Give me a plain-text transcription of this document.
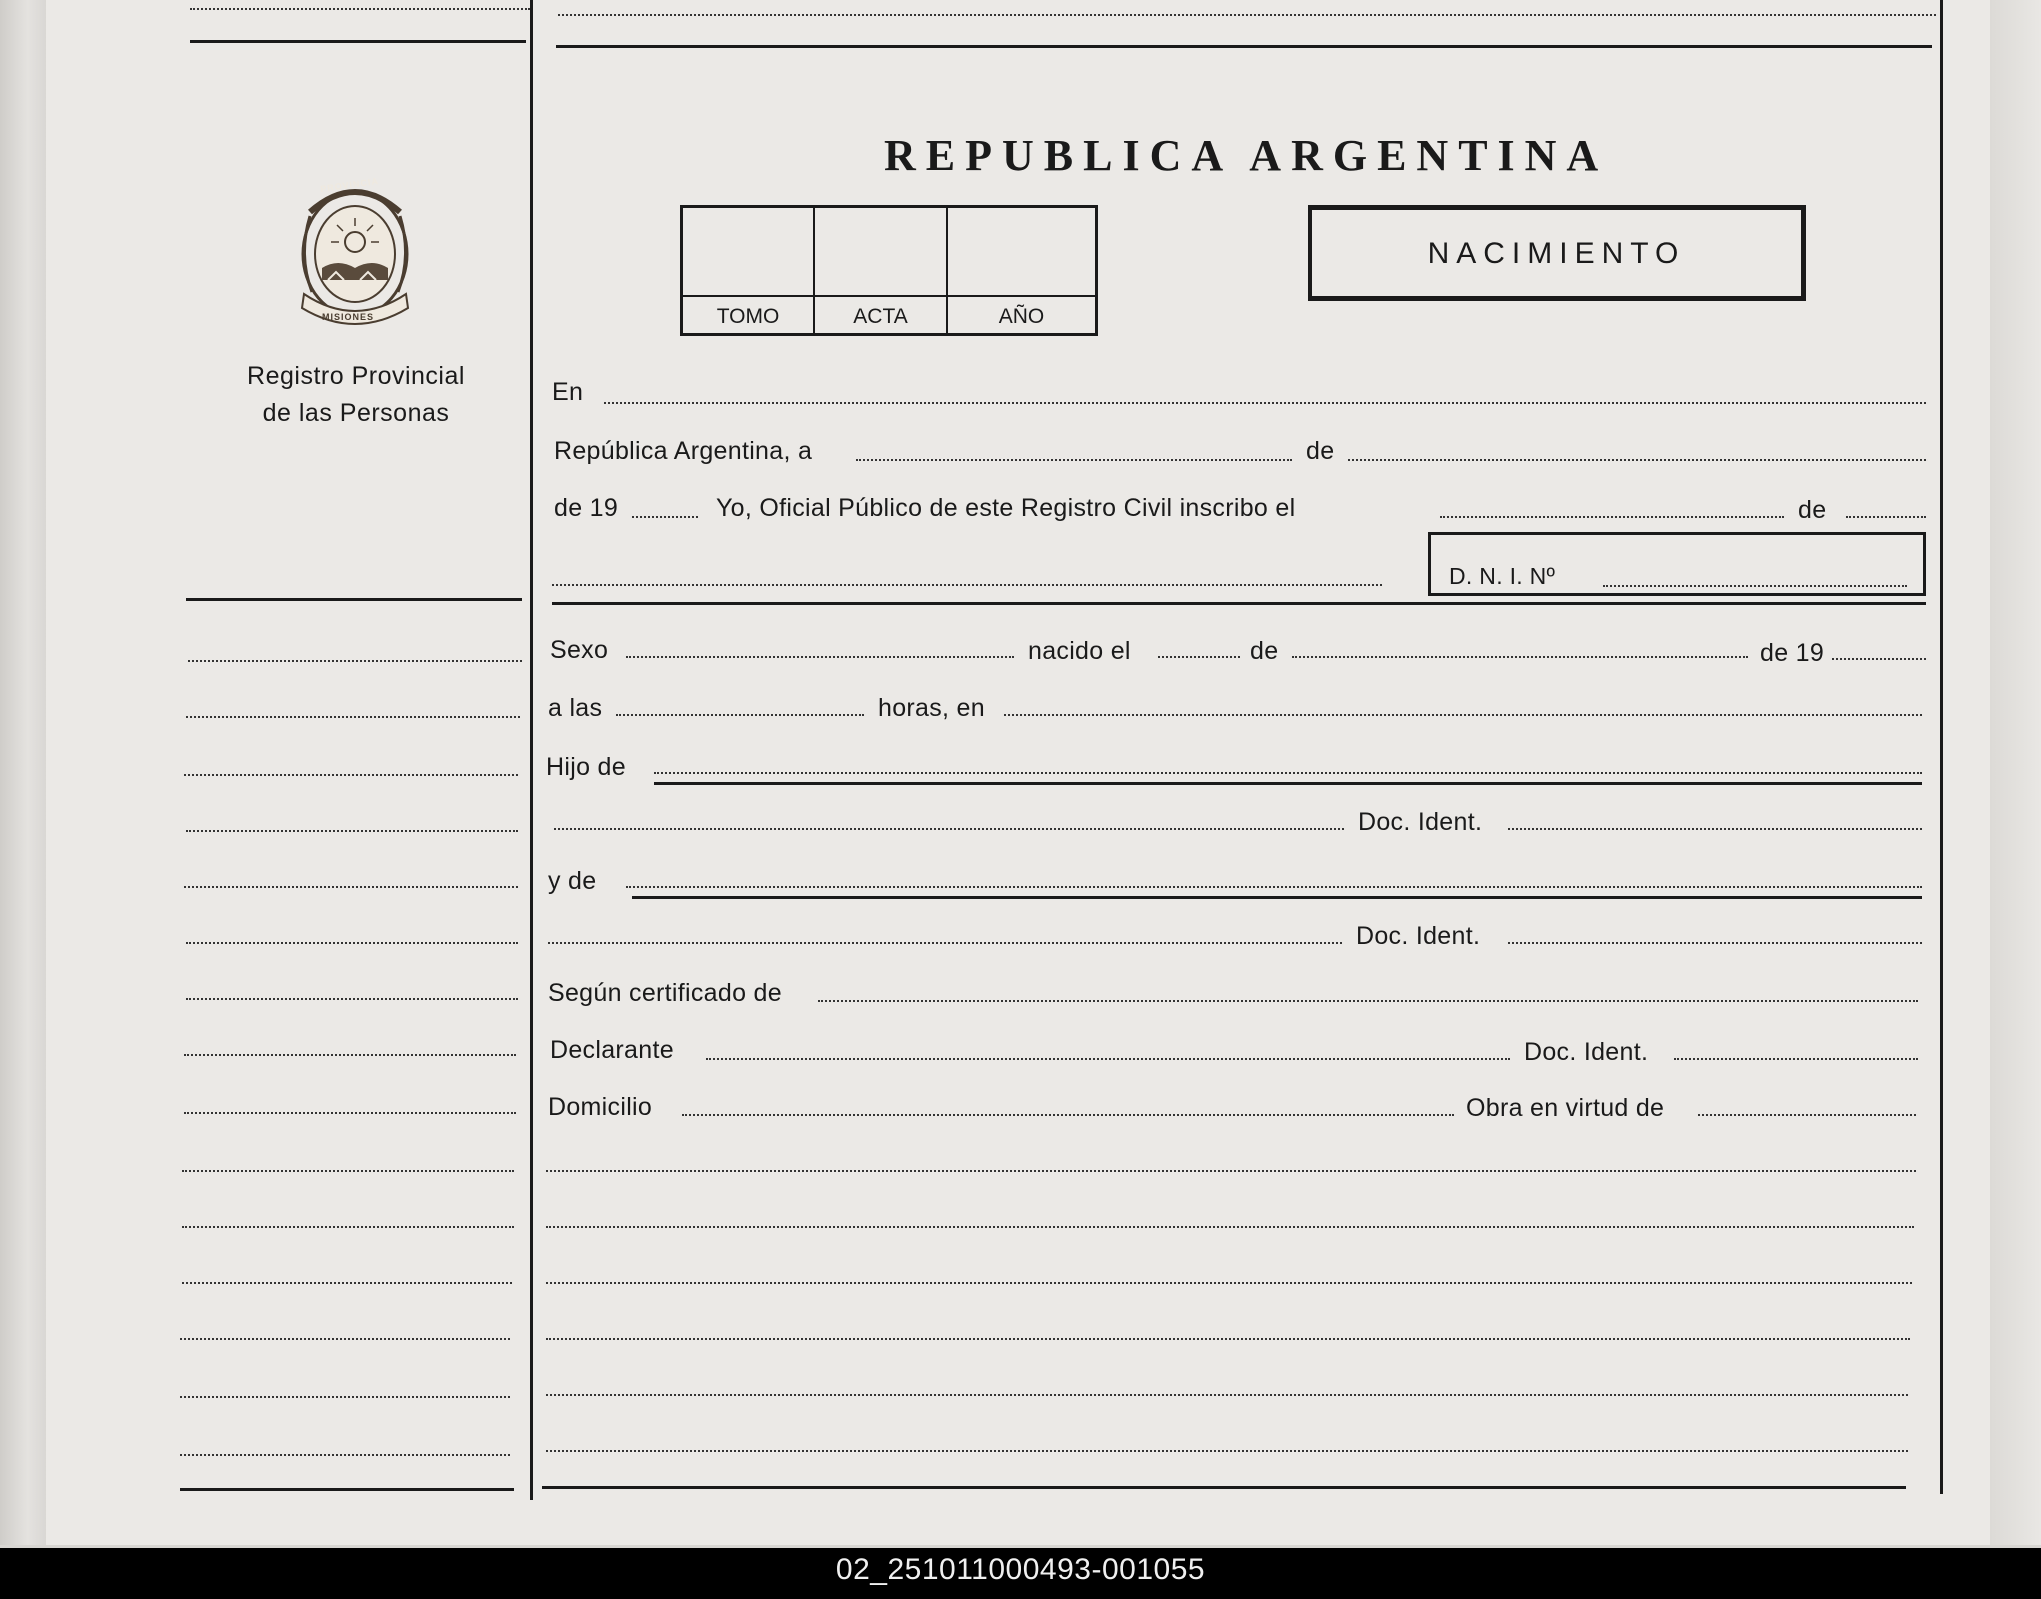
PROVINCIA
MISIONES
Registro Provincial
de las Personas
REPUBLICA ARGENTINA
TOMO	ACTA	AÑO
NACIMIENTO
En
República Argentina, a	de
de 19	Yo, Oficial Público de este Registro Civil inscribo el	de
D. N. I. Nº
Sexo	nacido el	de	de 19
a las	horas, en
Hijo de
Doc. Ident.
y de
Doc. Ident.
Según certificado de
Declarante	Doc. Ident.
Domicilio	Obra en virtud de
02_251011000493-001055
